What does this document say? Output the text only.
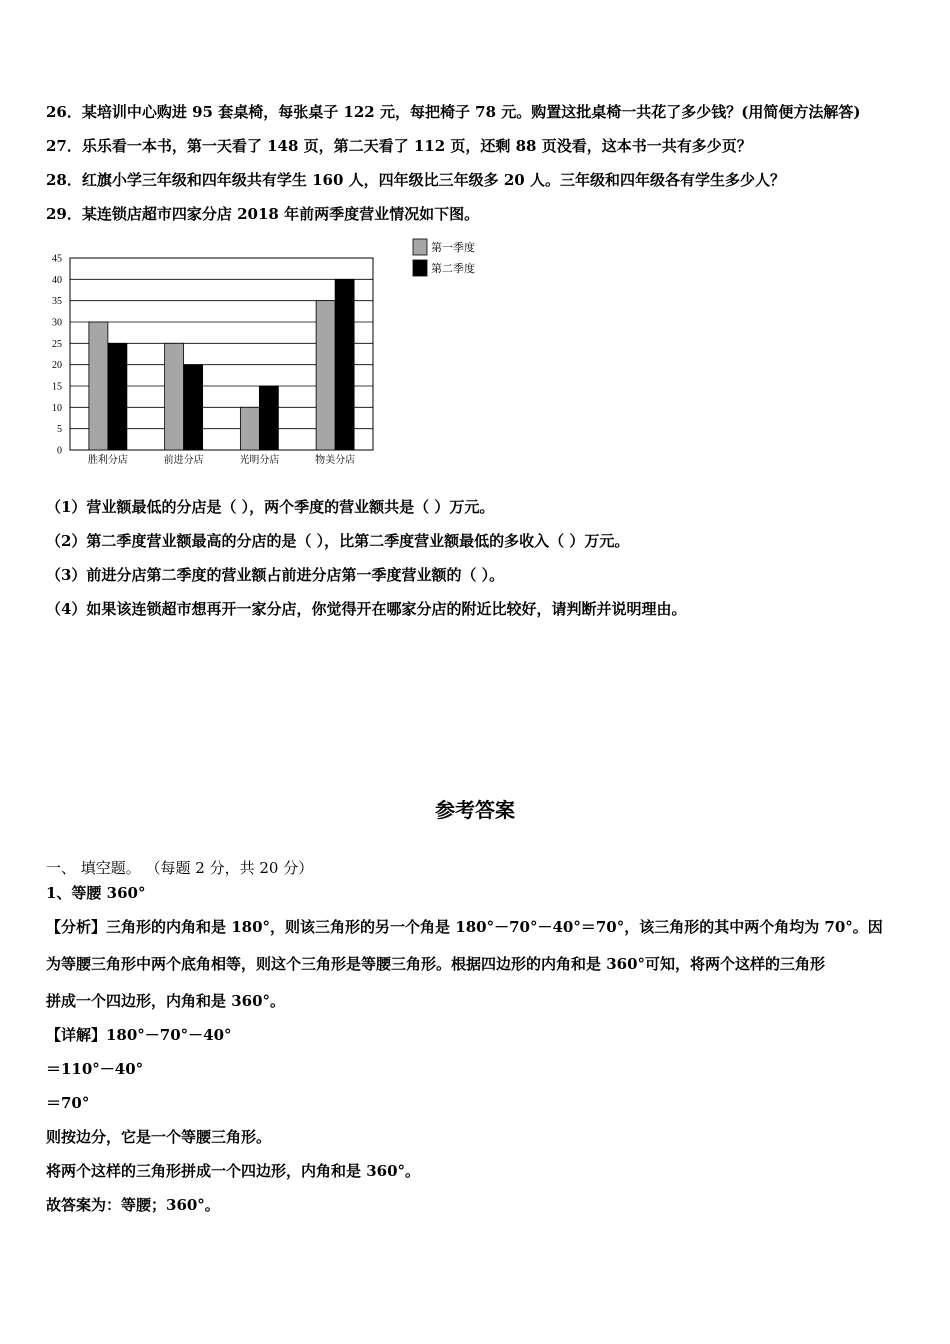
26．某培训中心购进 95 套桌椅，每张桌子 122 元，每把椅子 78 元。购置这批桌椅一共花了多少钱？(用简便方法解答)
27．乐乐看一本书，第一天看了 148 页，第二天看了 112 页，还剩 88 页没看，这本书一共有多少页？
28．红旗小学三年级和四年级共有学生 160 人，四年级比三年级多 20 人。三年级和四年级各有学生多少人？
29．某连锁店超市四家分店 2018 年前两季度营业情况如下图。
0
5
10
15
20
25
30
35
40
45
胜利分店	前进分店	光明分店	物美分店
第一季度
第二季度
（1）营业额最低的分店是（ ），两个季度的营业额共是（ ）万元。
（2）第二季度营业额最高的分店的是（ ），比第二季度营业额最低的多收入（ ）万元。
（3）前进分店第二季度的营业额占前进分店第一季度营业额的（ ）。
（4）如果该连锁超市想再开一家分店，你觉得开在哪家分店的附近比较好，请判断并说明理由。
参考答案
一、 填空题。 （每题 2 分，共 20 分）
1、等腰 360°
【分析】三角形的内角和是 180°，则该三角形的另一个角是 180°－70°－40°＝70°，该三角形的其中两个角均为 70°。因
为等腰三角形中两个底角相等，则这个三角形是等腰三角形。根据四边形的内角和是 360°可知，将两个这样的三角形
拼成一个四边形，内角和是 360°。
【详解】180°－70°－40°
＝110°－40°
＝70°
则按边分，它是一个等腰三角形。
将两个这样的三角形拼成一个四边形，内角和是 360°。
故答案为：等腰；360°。
